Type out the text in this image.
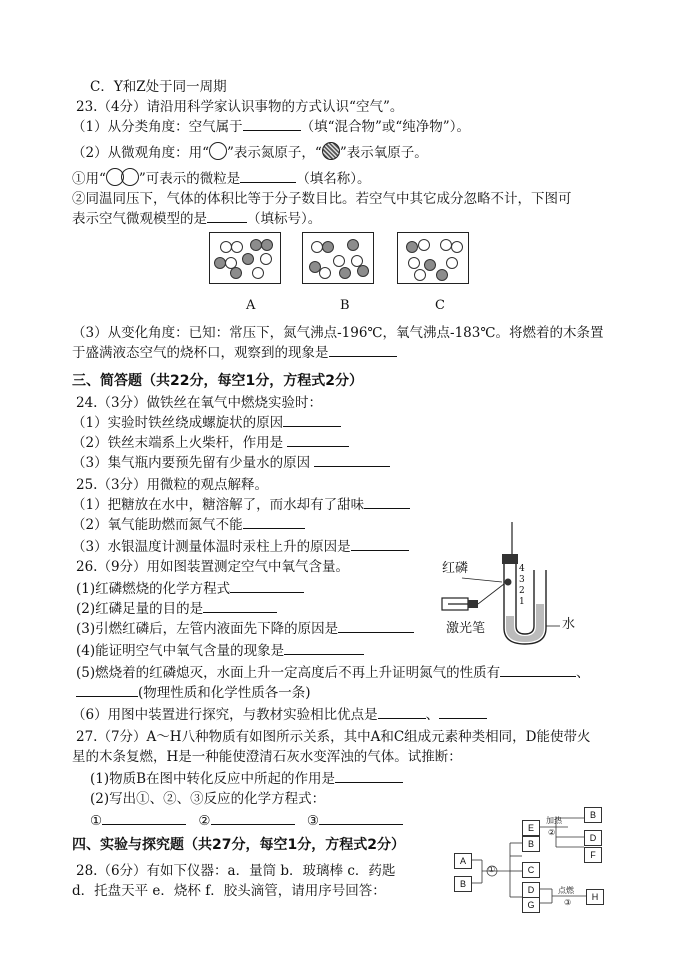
C．Y和Z处于同一周期
23.（4分）请沿用科学家认识事物的方式认识“空气”。
（1）从分类角度：空气属于	（填“混合物”或“纯净物”）。
（2）从微观角度：用“ ”表示氮原子，“ ”表示氧原子。
①用“ ”可表示的微粒是	（填名称）。
②同温同压下，气体的体积比等于分子数目比。若空气中其它成分忽略不计，下图可
表示空气微观模型的是	（填标号）。
A	B	C
（3）从变化角度：已知：常压下，氮气沸点-196℃，氧气沸点-183℃。将燃着的木条置
于盛满液态空气的烧杯口，观察到的现象是
三、简答题（共22分，每空1分，方程式2分）
24.（3分）做铁丝在氧气中燃烧实验时：
（1）实验时铁丝绕成螺旋状的原因
（2）铁丝末端系上火柴杆，作用是
（3）集气瓶内要预先留有少量水的原因
25.（3分）用微粒的观点解释。
（1）把糖放在水中，糖溶解了，而水却有了甜味
（2）氧气能助燃而氮气不能
（3）水银温度计测量体温时汞柱上升的原因是
26.（9分）用如图装置测定空气中氧气含量。
(1)红磷燃烧的化学方程式
(2)红磷足量的目的是
(3)引燃红磷后，左管内液面先下降的原因是
(4)能证明空气中氧气含量的现象是
(5)燃烧着的红磷熄灭，水面上升一定高度后不再上升证明氮气的性质有	、
(物理性质和化学性质各一条)
（6）用图中装置进行探究，与教材实验相比优点是	、
27.（7分）A～H八种物质有如图所示关系，其中A和C组成元素种类相同，D能使带火
星的木条复燃，H是一种能使澄清石灰水变浑浊的气体。试推断：
(1)物质B在图中转化反应中所起的作用是
(2)写出①、②、③反应的化学方程式：
①	②	③
四、实验与探究题（共27分，每空1分，方程式2分）
28.（6分）有如下仪器：a．量筒 b．玻璃棒 c．药匙
d．托盘天平 e．烧杯 f．胶头滴管，请用序号回答：
红磷
激光笔	水
4
3
2
1
A
B
E
B
C
D
G
B
D
F
H
①
加热
②
点燃
③
